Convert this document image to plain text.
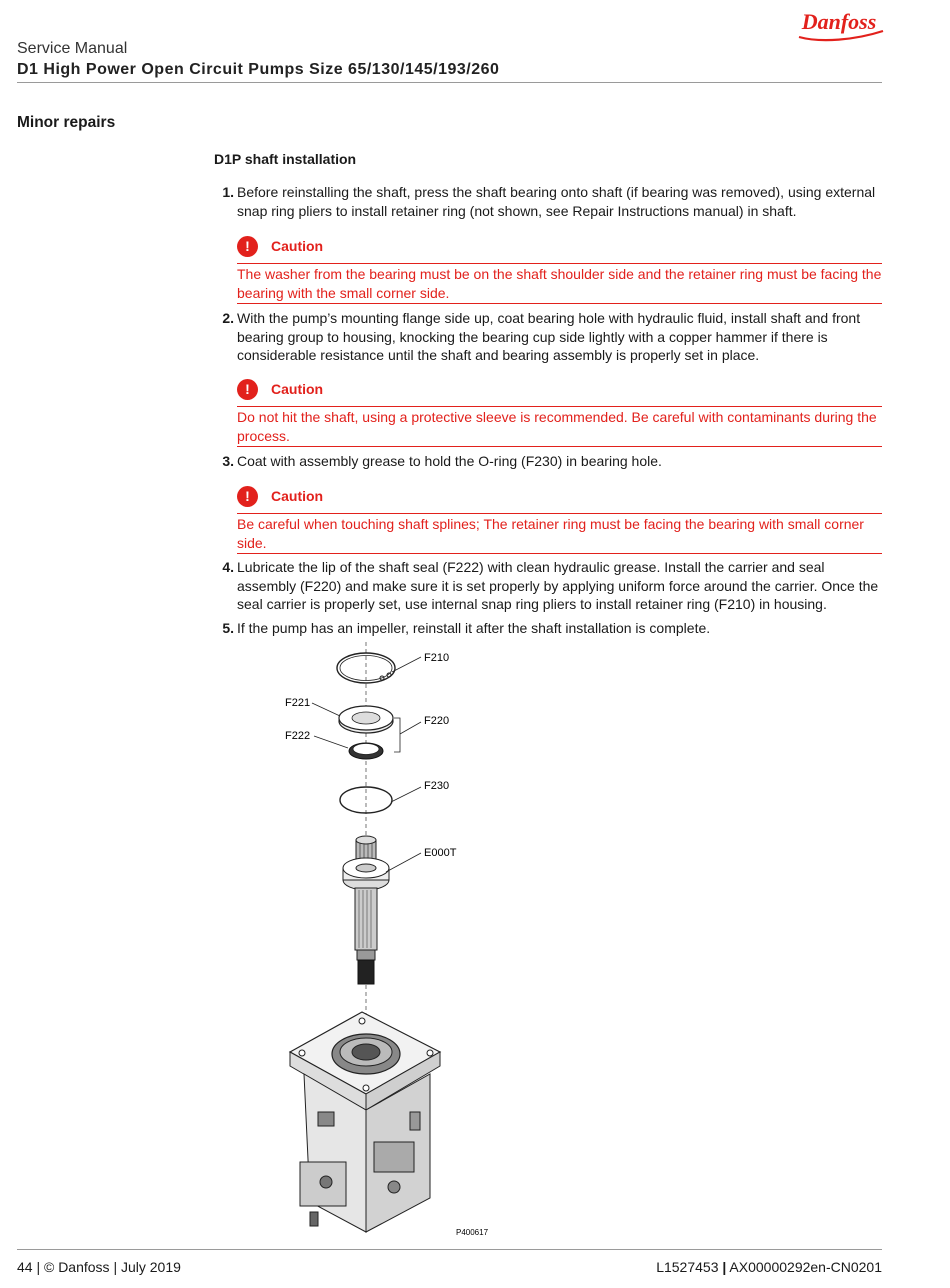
Danfoss
Service Manual
D1 High Power Open Circuit Pumps Size 65/130/145/193/260
Minor repairs
D1P shaft installation
1. Before reinstalling the shaft, press the shaft bearing onto shaft (if bearing was removed), using external snap ring pliers to install retainer ring (not shown, see Repair Instructions manual) in shaft.
!	Caution
The washer from the bearing must be on the shaft shoulder side and the retainer ring must be facing the bearing with the small corner side.
2. With the pump’s mounting flange side up, coat bearing hole with hydraulic fluid, install shaft and front bearing group to housing, knocking the bearing cup side lightly with a copper hammer if there is considerable resistance until the shaft and bearing assembly is properly set in place.
!	Caution
Do not hit the shaft, using a protective sleeve is recommended. Be careful with contaminants during the process.
3. Coat with assembly grease to hold the O-ring (F230) in bearing hole.
!	Caution
Be careful when touching shaft splines; The retainer ring must be facing the bearing with small corner side.
4. Lubricate the lip of the shaft seal (F222) with clean hydraulic grease. Install the carrier and seal assembly (F220) and make sure it is set properly by applying uniform force around the carrier. Once the seal carrier is properly set, use internal snap ring pliers to install retainer ring (F210) in housing.
5. If the pump has an impeller, reinstall it after the shaft installation is complete.
F210
F221
F222
F220
F230
E000T
P400617
44 | © Danfoss | July 2019	L1527453 | AX00000292en-CN0201
